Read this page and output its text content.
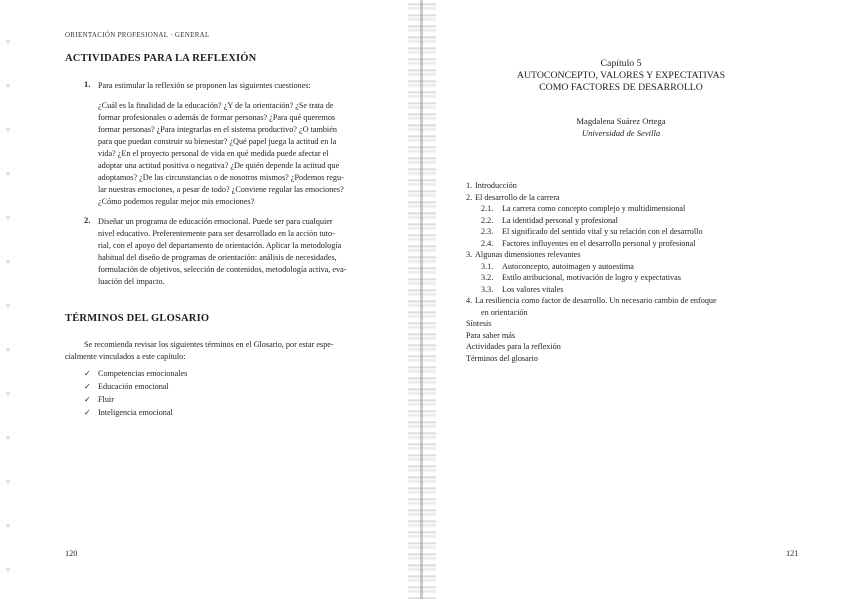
ORIENTACIÓN PROFESIONAL · GENERAL
ACTIVIDADES PARA LA REFLEXIÓN
1. Para estimular la reflexión se proponen las siguientes cuestiones:
¿Cuál es la finalidad de la educación? ¿Y de la orientación? ¿Se trata de
formar profesionales o además de formar personas? ¿Para qué queremos
formar personas? ¿Para integrarlas en el sistema productivo? ¿O también
para que puedan construir su bienestar? ¿Qué papel juega la actitud en la
vida? ¿En el proyecto personal de vida en qué medida puede afectar el
adoptar una actitud positiva o negativa? ¿De quién depende la actitud que
adoptamos? ¿De las circunstancias o de nosotros mismos? ¿Podemos regu-
lar nuestras emociones, a pesar de todo? ¿Conviene regular las emociones?
¿Cómo podemos regular mejor mis emociones?
2. Diseñar un programa de educación emocional. Puede ser para cualquier
nivel educativo. Preferentemente para ser desarrollado en la acción tuto-
rial, con el apoyo del departamento de orientación. Aplicar la metodología
habitual del diseño de programas de orientación: análisis de necesidades,
formulación de objetivos, selección de contenidos, metodología activa, eva-
luación del impacto.
TÉRMINOS DEL GLOSARIO
Se recomienda revisar los siguientes términos en el Glosario, por estar espe-
cialmente vinculados a este capítulo:
✓ Competencias emocionales
✓ Educación emocional
✓ Fluir
✓ Inteligencia emocional
120
Capítulo 5
AUTOCONCEPTO, VALORES Y EXPECTATIVAS
COMO FACTORES DE DESARROLLO
Magdalena Suárez Ortega
Universidad de Sevilla
1. Introducción
2. El desarrollo de la carrera
2.1. La carrera como concepto complejo y multidimensional
2.2. La identidad personal y profesional
2.3. El significado del sentido vital y su relación con el desarrollo
2.4. Factores influyentes en el desarrollo personal y profesional
3. Algunas dimensiones relevantes
3.1. Autoconcepto, autoimagen y autoestima
3.2. Estilo atribucional, motivación de logro y expectativas
3.3. Los valores vitales
4. La resiliencia como factor de desarrollo. Un necesario cambio de enfoque
en orientación
Síntesis
Para saber más
Actividades para la reflexión
Términos del glosario
121
